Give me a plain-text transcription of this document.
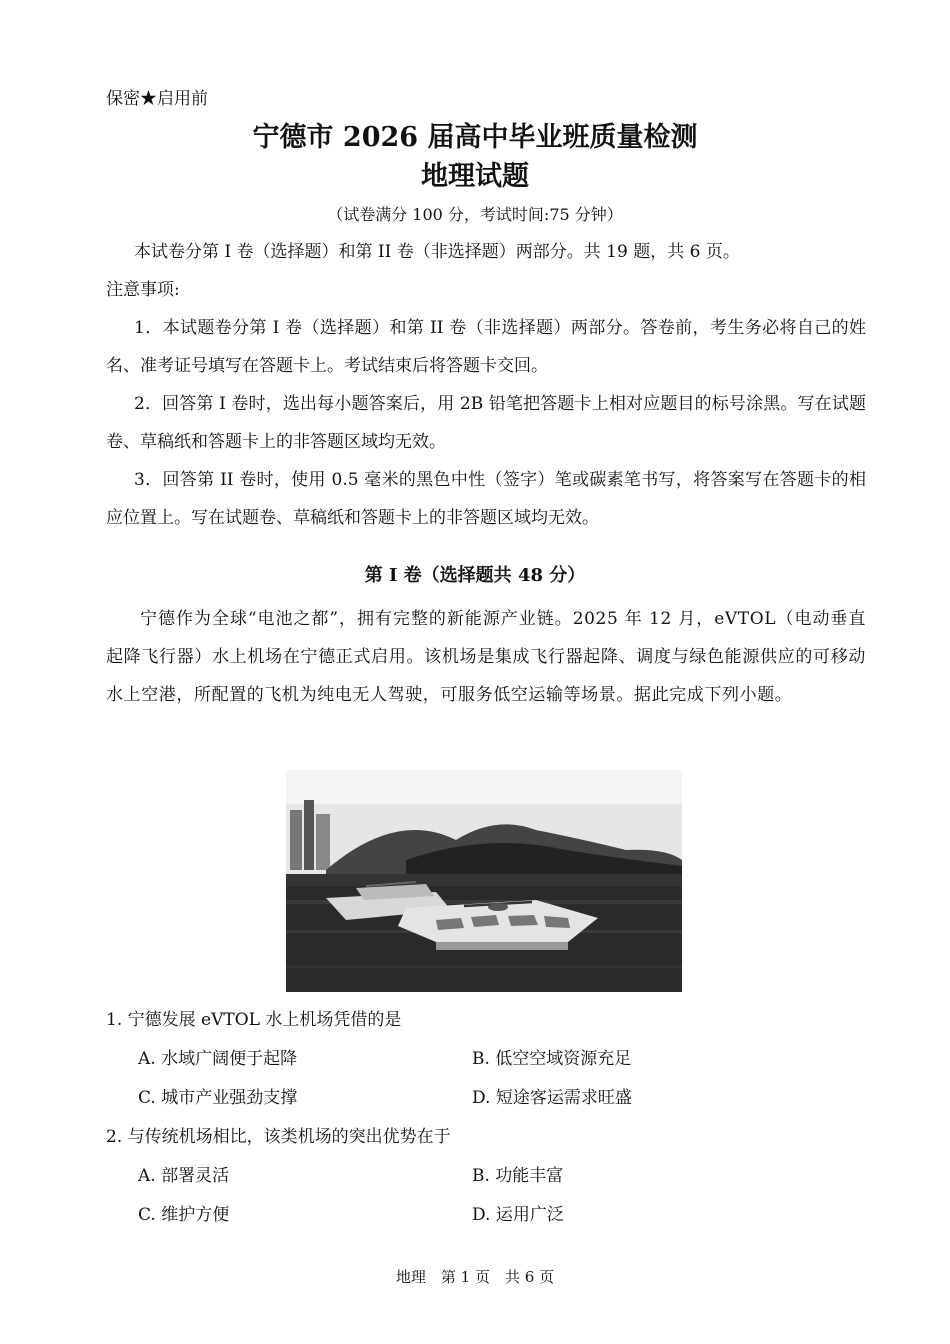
保密★启用前
宁德市 2026 届高中毕业班质量检测
地理试题
（试卷满分 100 分，考试时间:75 分钟）
本试卷分第 I 卷（选择题）和第 II 卷（非选择题）两部分。共 19 题，共 6 页。
注意事项:
1．本试题卷分第 I 卷（选择题）和第 II 卷（非选择题）两部分。答卷前，考生务必将自己的姓名、准考证号填写在答题卡上。考试结束后将答题卡交回。
2．回答第 I 卷时，选出每小题答案后，用 2B 铅笔把答题卡上相对应题目的标号涂黑。写在试题卷、草稿纸和答题卡上的非答题区域均无效。
3．回答第 II 卷时，使用 0.5 毫米的黑色中性（签字）笔或碳素笔书写，将答案写在答题卡的相应位置上。写在试题卷、草稿纸和答题卡上的非答题区域均无效。
第 I 卷（选择题共 48 分）
宁德作为全球“电池之都”，拥有完整的新能源产业链。2025 年 12 月，eVTOL（电动垂直起降飞行器）水上机场在宁德正式启用。该机场是集成飞行器起降、调度与绿色能源供应的可移动水上空港，所配置的飞机为纯电无人驾驶，可服务低空运输等场景。据此完成下列小题。
1. 宁德发展 eVTOL 水上机场凭借的是
A. 水域广阔便于起降	B. 低空空域资源充足
C. 城市产业强劲支撑	D. 短途客运需求旺盛
2. 与传统机场相比，该类机场的突出优势在于
A. 部署灵活	B. 功能丰富
C. 维护方便	D. 运用广泛
地理　第 1 页　共 6 页
